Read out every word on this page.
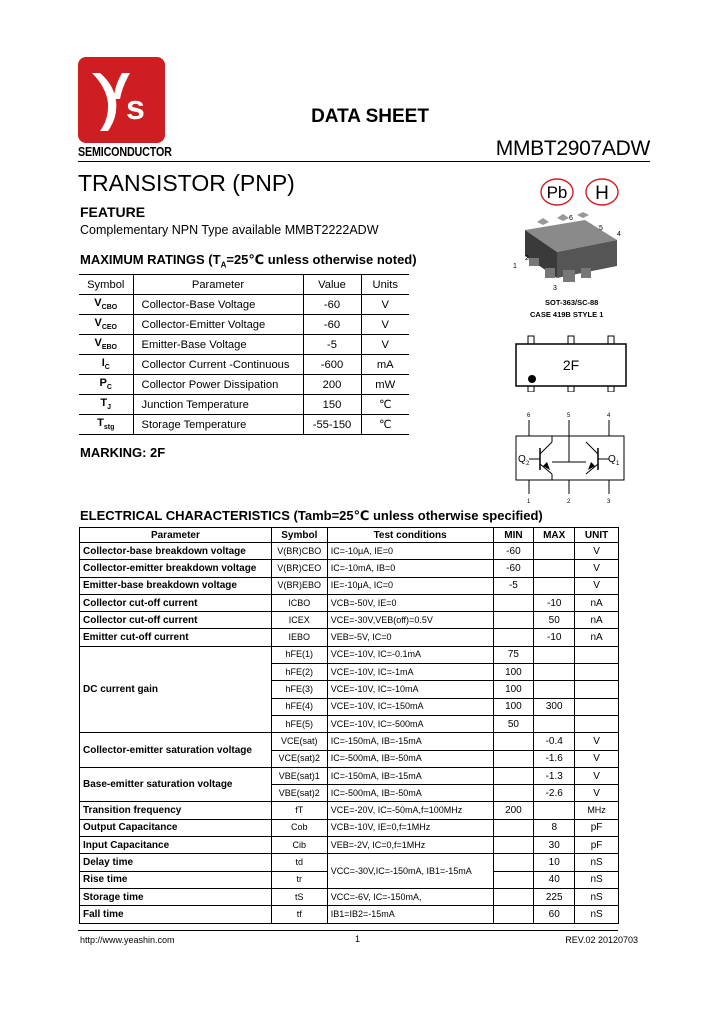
s
SEMICONDUCTOR
DATA SHEET
MMBT2907ADW
TRANSISTOR (PNP)
FEATURE
Complementary NPN Type available MMBT2222ADW
Pb H
6
5
4
1
2
3
SOT-363/SC-88
CASE 419B STYLE 1
2F
6	5	4
Q 2	Q 1
1	2	3
MAXIMUM RATINGS ($T_A=25℃$ unless otherwise noted)
Symbol	Parameter	Value	Units
$V_{CBO}$	Collector-Base Voltage	-60	V
$V_{CEO}$	Collector-Emitter Voltage	-60	V
$V_{EBO}$	Emitter-Base Voltage	-5	V
$I_C$	Collector Current -Continuous	-600	mA
$P_C$	Collector Power Dissipation	200	mW
$T_J$	Junction Temperature	150	℃
$T_{stg}$	Storage Temperature	-55-150	℃
MARKING: 2F
ELECTRICAL CHARACTERISTICS (Tamb=25℃ unless otherwise specified)
Parameter	Symbol	Test conditions	MIN	MAX	UNIT
Collector-base breakdown voltage	V(BR)CBO	IC=-10μA, IE=0	-60		V
Collector-emitter breakdown voltage	V(BR)CEO	IC=-10mA, IB=0	-60		V
Emitter-base breakdown voltage	V(BR)EBO	IE=-10μA, IC=0	-5		V
Collector cut-off current	ICBO	VCB=-50V, IE=0		-10	nA
Collector cut-off current	ICEX	VCE=-30V,VEB(off)=0.5V		50	nA
Emitter cut-off current	IEBO	VEB=-5V, IC=0		-10	nA
DC current gain	hFE(1)	VCE=-10V, IC=-0.1mA	75		
	hFE(2)	VCE=-10V, IC=-1mA	100		
	hFE(3)	VCE=-10V, IC=-10mA	100		
	hFE(4)	VCE=-10V, IC=-150mA	100	300	
	hFE(5)	VCE=-10V, IC=-500mA	50		
Collector-emitter saturation voltage	VCE(sat)	IC=-150mA, IB=-15mA		-0.4	V
	VCE(sat)2	IC=-500mA, IB=-50mA		-1.6	V
Base-emitter saturation voltage	VBE(sat)1	IC=-150mA, IB=-15mA		-1.3	V
	VBE(sat)2	IC=-500mA, IB=-50mA		-2.6	V
Transition frequency	fT	VCE=-20V, IC=-50mA,f=100MHz	200		MHz
Output Capacitance	Cob	VCB=-10V, IE=0,f=1MHz		8	pF
Input Capacitance	Cib	VEB=-2V, IC=0,f=1MHz		30	pF
Delay time	td	VCC=-30V,IC=-150mA, IB1=-15mA		10	nS
Rise time	tr			40	nS
Storage time	tS	VCC=-6V, IC=-150mA,		225	nS
Fall time	tf	IB1=IB2=-15mA		60	nS
http://www.yeashin.com	1	REV.02 20120703
